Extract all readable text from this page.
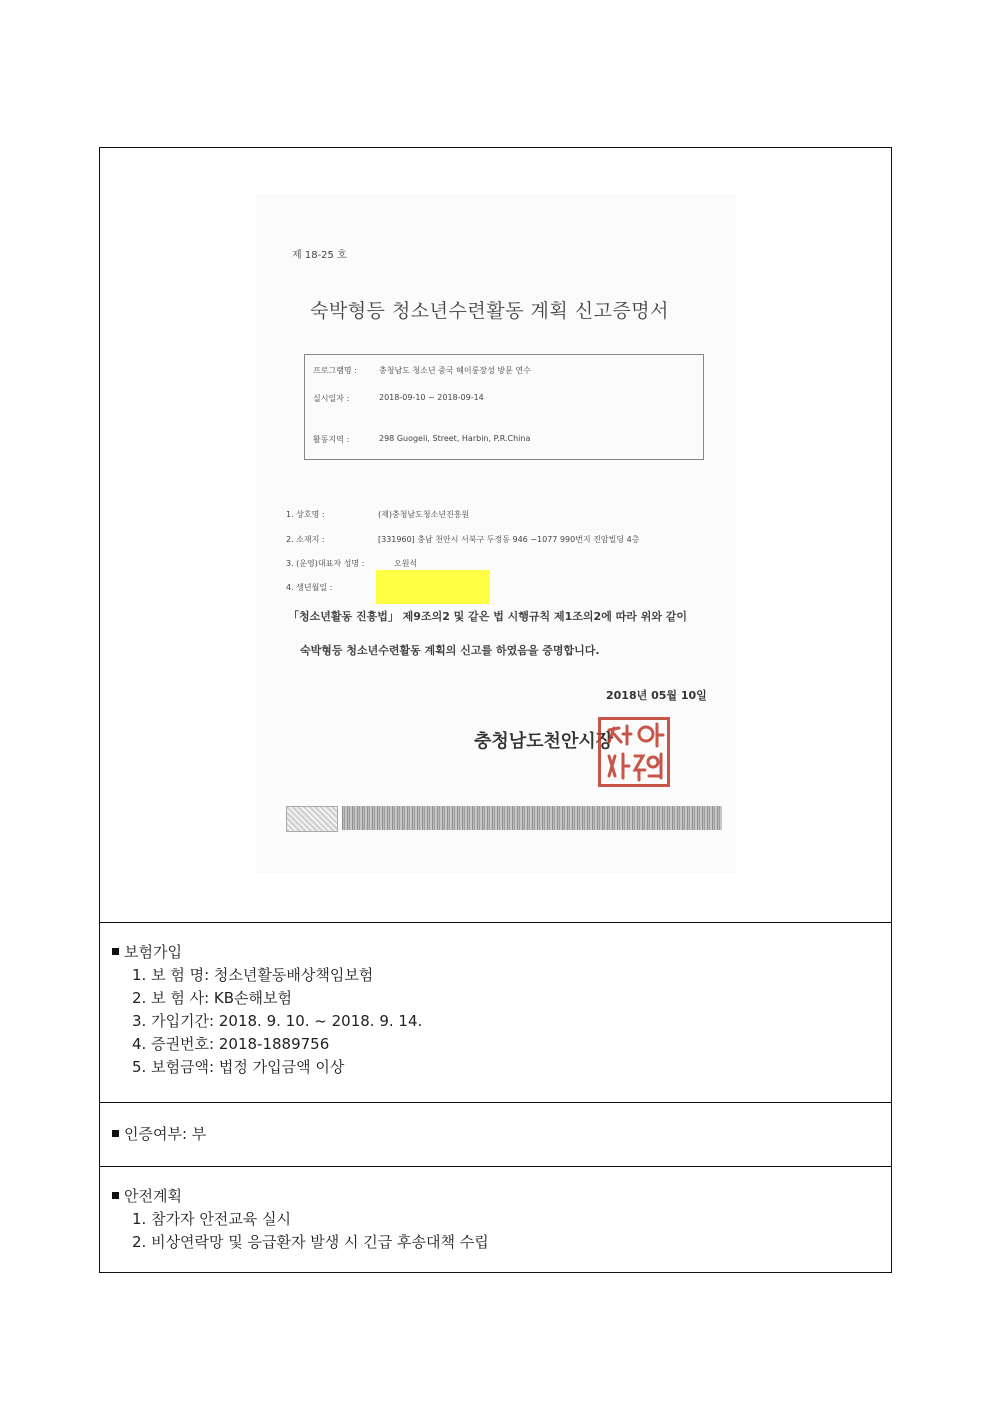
제 18-25 호
숙박형등 청소년수련활동 계획 신고증명서
프로그램명 :	충청남도 청소년 중국 헤이룽장성 방문 연수
실시일자 :	2018-09-10 ~ 2018-09-14
활동지역 :	298 Guogeli, Street, Harbin, P.R.China
1. 상호명 :	(재)충청남도청소년진흥원
2. 소재지 :	[331960] 충남 천안시 서북구 두정동 946 ~1077 990번지 진암빌딩 4층
3. (운영)대표자 성명 :	오원석
4. 생년월일 :
「청소년활동 진흥법」 제9조의2 및 같은 법 시행규칙 제1조의2에 따라 위와 같이
숙박형등 청소년수련활동 계획의 신고를 하였음을 증명합니다.
2018년 05월 10일
충청남도천안시장
보험가입
1. 보 험 명: 청소년활동배상책임보험
2. 보 험 사: KB손해보험
3. 가입기간: 2018. 9. 10. ~ 2018. 9. 14.
4. 증권번호: 2018-1889756
5. 보험금액: 법정 가입금액 이상
인증여부: 부
안전계획
1. 참가자 안전교육 실시
2. 비상연락망 및 응급환자 발생 시 긴급 후송대책 수립
